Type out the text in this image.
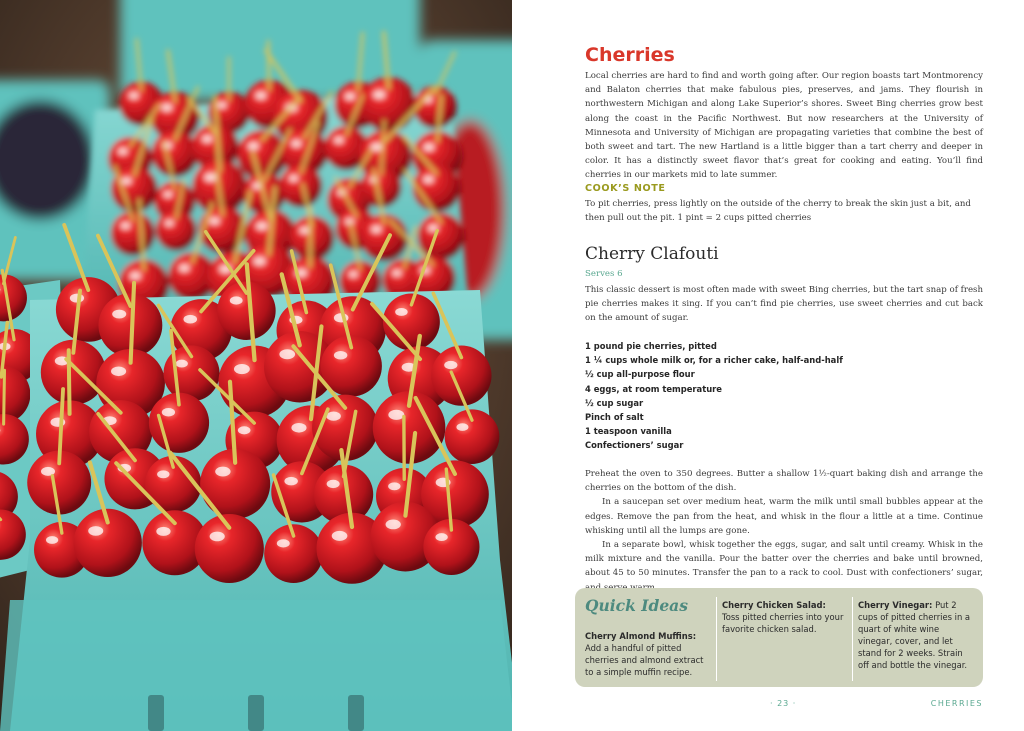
Cherries

Local cherries are hard to find and worth going after. Our region boasts tart Montmorency and Balaton cherries that make fabulous pies, preserves, and jams. They flourish in northwestern Michigan and along Lake Superior’s shores. Sweet Bing cherries grow best along the coast in the Pacific Northwest. But now researchers at the University of Minnesota and University of Michigan are propagating varieties that combine the best of both sweet and tart. The new Hartland is a little bigger than a tart cherry and deeper in color. It has a distinctly sweet flavor that’s great for cooking and eating. You’ll find cherries in our markets mid to late summer.

COOK’S NOTE

To pit cherries, press lightly on the outside of the cherry to break the skin just a bit, and then pull out the pit. 1 pint = 2 cups pitted cherries

Cherry Clafouti

Serves 6

This classic dessert is most often made with sweet Bing cherries, but the tart snap of fresh pie cherries makes it sing. If you can’t find pie cherries, use sweet cherries and cut back on the amount of sugar.

1 pound pie cherries, pitted
1 ¼ cups whole milk or, for a richer cake, half-and-half
½ cup all-purpose flour
4 eggs, at room temperature
½ cup sugar
Pinch of salt
1 teaspoon vanilla
Confectioners’ sugar

Preheat the oven to 350 degrees. Butter a shallow 1½-quart baking dish and arrange the cherries on the bottom of the dish.

In a saucepan set over medium heat, warm the milk until small bubbles appear at the edges. Remove the pan from the heat, and whisk in the flour a little at a time. Continue whisking until all the lumps are gone.

In a separate bowl, whisk together the eggs, sugar, and salt until creamy. Whisk in the milk mixture and the vanilla. Pour the batter over the cherries and bake until browned, about 45 to 50 minutes. Transfer the pan to a rack to cool. Dust with confectioners’ sugar,

Quick Ideas
Cherry Almond Muffins:
Add a handful of pitted cherries and almond extract to a simple muffin recipe.
Cherry Chicken Salad:
Toss pitted cherries into your favorite chicken salad.
Cherry Vinegar: Put 2 cups of pitted cherries in a quart of white wine vinegar, cover, and let stand for 2 weeks. Strain off and bottle the vinegar.
· 23 ·	CHERRIES
